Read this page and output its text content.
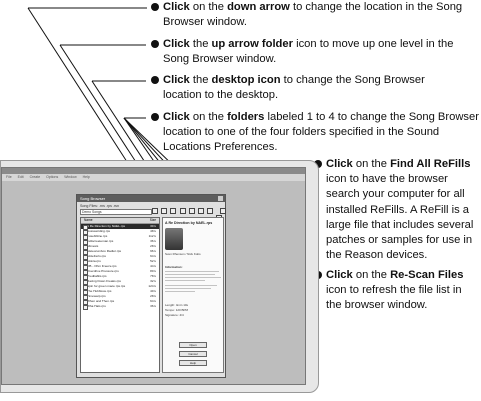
Click on the down arrow to change the location in the Song Browser window.
Click the up arrow folder icon to move up one level in the Song Browser window.
Click the desktop icon to change the Song Browser location to the desktop.
Click on the folders labeled 1 to 4 to change the Song Browser location to one of the four folders specified in the Sound Locations Preferences.
Click on the Find All ReFills icon to have the browser search your computer for all installed ReFills. A ReFill is a large file that includes several patches or samples for use in the Reason devices.
Click on the Re-Scan Files icon to refresh the file list in the browser window.
File Edit Create Options Window Help
Song Browser
Song Files: .rns .rps .rsn
Demo Songs
Name	Size
A Re Direction by NAEL.rps	30 k
Autoweirding.rps	48 k
Fusebbline.rps	112 k
Indiscreeteman.rps	36 k
Mimesis	28 k
Meteorumbox Radtor.rps	96 k
Molefrerts.rps	64 k
Mokra.rps	52 k
OB - Ohm Freeze.rps	44 k
Overdrive Pressure.rps	80 k
Preditablis.rps	78 k
Racing Down Freaks.rps	32 k
Spin for green mace rps.rps	124 k
The Hubbloxe.rps	40 k
Timewarp.rps	28 k
When and Then.rps	64 k
Wha Hats.rps	36 k
A Re Direction by NAEL.rps
Sven Rhenson / Nick Kobs
Information:
Length: 4min 10s
Tempo: 120 BPM
Signature: 4/4
Open
Cancel
Help
